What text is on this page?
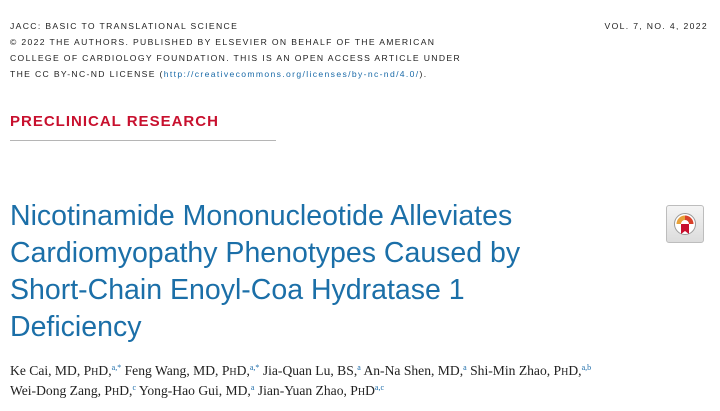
JACC: BASIC TO TRANSLATIONAL SCIENCE
© 2022 THE AUTHORS. PUBLISHED BY ELSEVIER ON BEHALF OF THE AMERICAN
COLLEGE OF CARDIOLOGY FOUNDATION. THIS IS AN OPEN ACCESS ARTICLE UNDER
THE CC BY-NC-ND LICENSE (http://creativecommons.org/licenses/by-nc-nd/4.0/).
VOL. 7, NO. 4, 2022
PRECLINICAL RESEARCH
Nicotinamide Mononucleotide Alleviates
Cardiomyopathy Phenotypes Caused by
Short-Chain Enoyl-Coa Hydratase 1
Deficiency
Ke Cai, MD, PhD,$^{a,*}$ Feng Wang, MD, PhD,$^{a,*}$ Jia-Quan Lu, BS,$^a$ An-Na Shen, MD,$^a$ Shi-Min Zhao, PhD,$^{a,b}$
Wei-Dong Zang, PhD,$^c$ Yong-Hao Gui, MD,$^a$ Jian-Yuan Zhao, PhD$^{a,c}$
